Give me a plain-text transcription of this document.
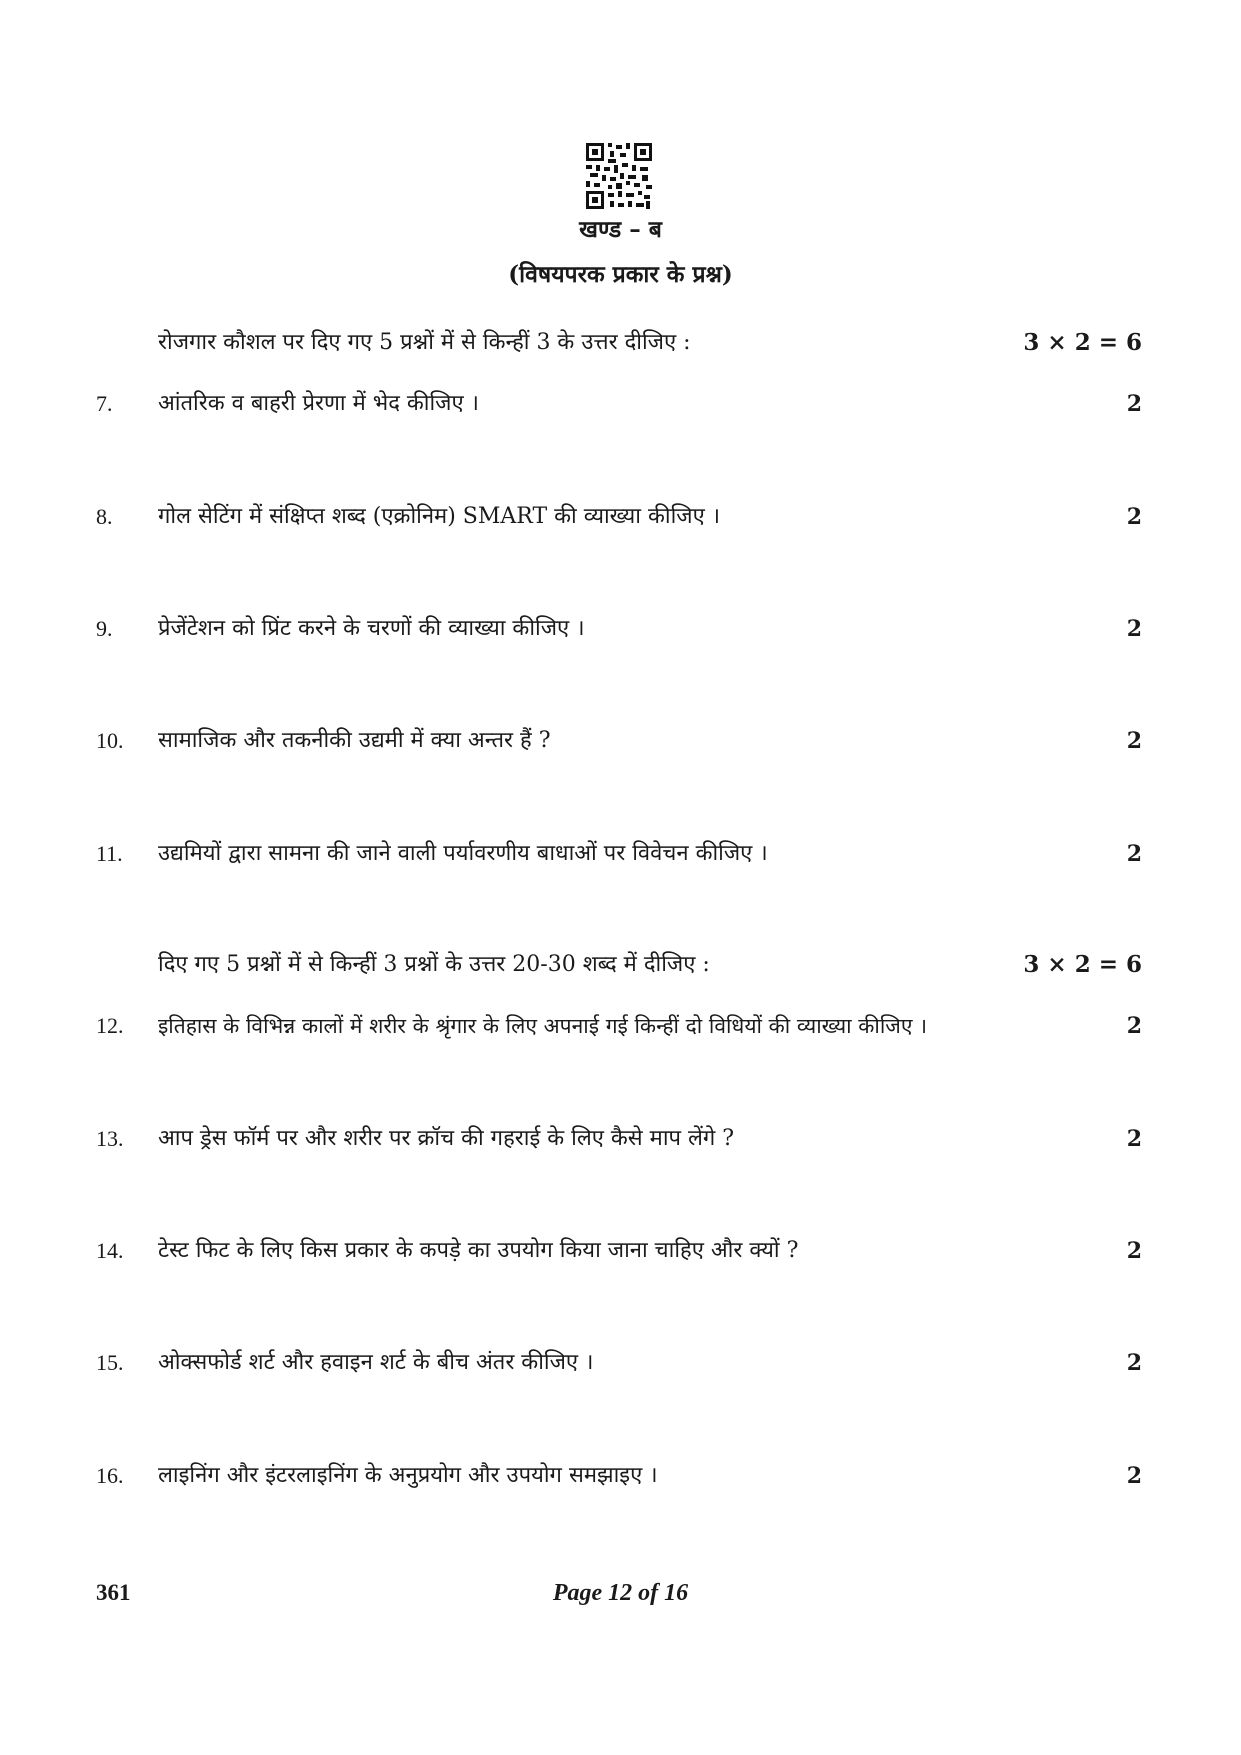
खण्ड – ब
(विषयपरक प्रकार के प्रश्न)
रोजगार कौशल पर दिए गए 5 प्रश्नों में से किन्हीं 3 के उत्तर दीजिए :	3 × 2 = 6
7. आंतरिक व बाहरी प्रेरणा में भेद कीजिए ।	2
8. गोल सेटिंग में संक्षिप्त शब्द (एक्रोनिम) SMART की व्याख्या कीजिए ।	2
9. प्रेजेंटेशन को प्रिंट करने के चरणों की व्याख्या कीजिए ।	2
10. सामाजिक और तकनीकी उद्यमी में क्या अन्तर हैं ?	2
11. उद्यमियों द्वारा सामना की जाने वाली पर्यावरणीय बाधाओं पर विवेचन कीजिए ।	2
दिए गए 5 प्रश्नों में से किन्हीं 3 प्रश्नों के उत्तर 20-30 शब्द में दीजिए :	3 × 2 = 6
12. इतिहास के विभिन्न कालों में शरीर के श्रृंगार के लिए अपनाई गई किन्हीं दो विधियों की व्याख्या कीजिए ।	2
13. आप ड्रेस फॉर्म पर और शरीर पर क्रॉच की गहराई के लिए कैसे माप लेंगे ?	2
14. टेस्ट फिट के लिए किस प्रकार के कपड़े का उपयोग किया जाना चाहिए और क्यों ?	2
15. ओक्सफोर्ड शर्ट और हवाइन शर्ट के बीच अंतर कीजिए ।	2
16. लाइनिंग और इंटरलाइनिंग के अनुप्रयोग और उपयोग समझाइए ।	2
361	Page 12 of 16
